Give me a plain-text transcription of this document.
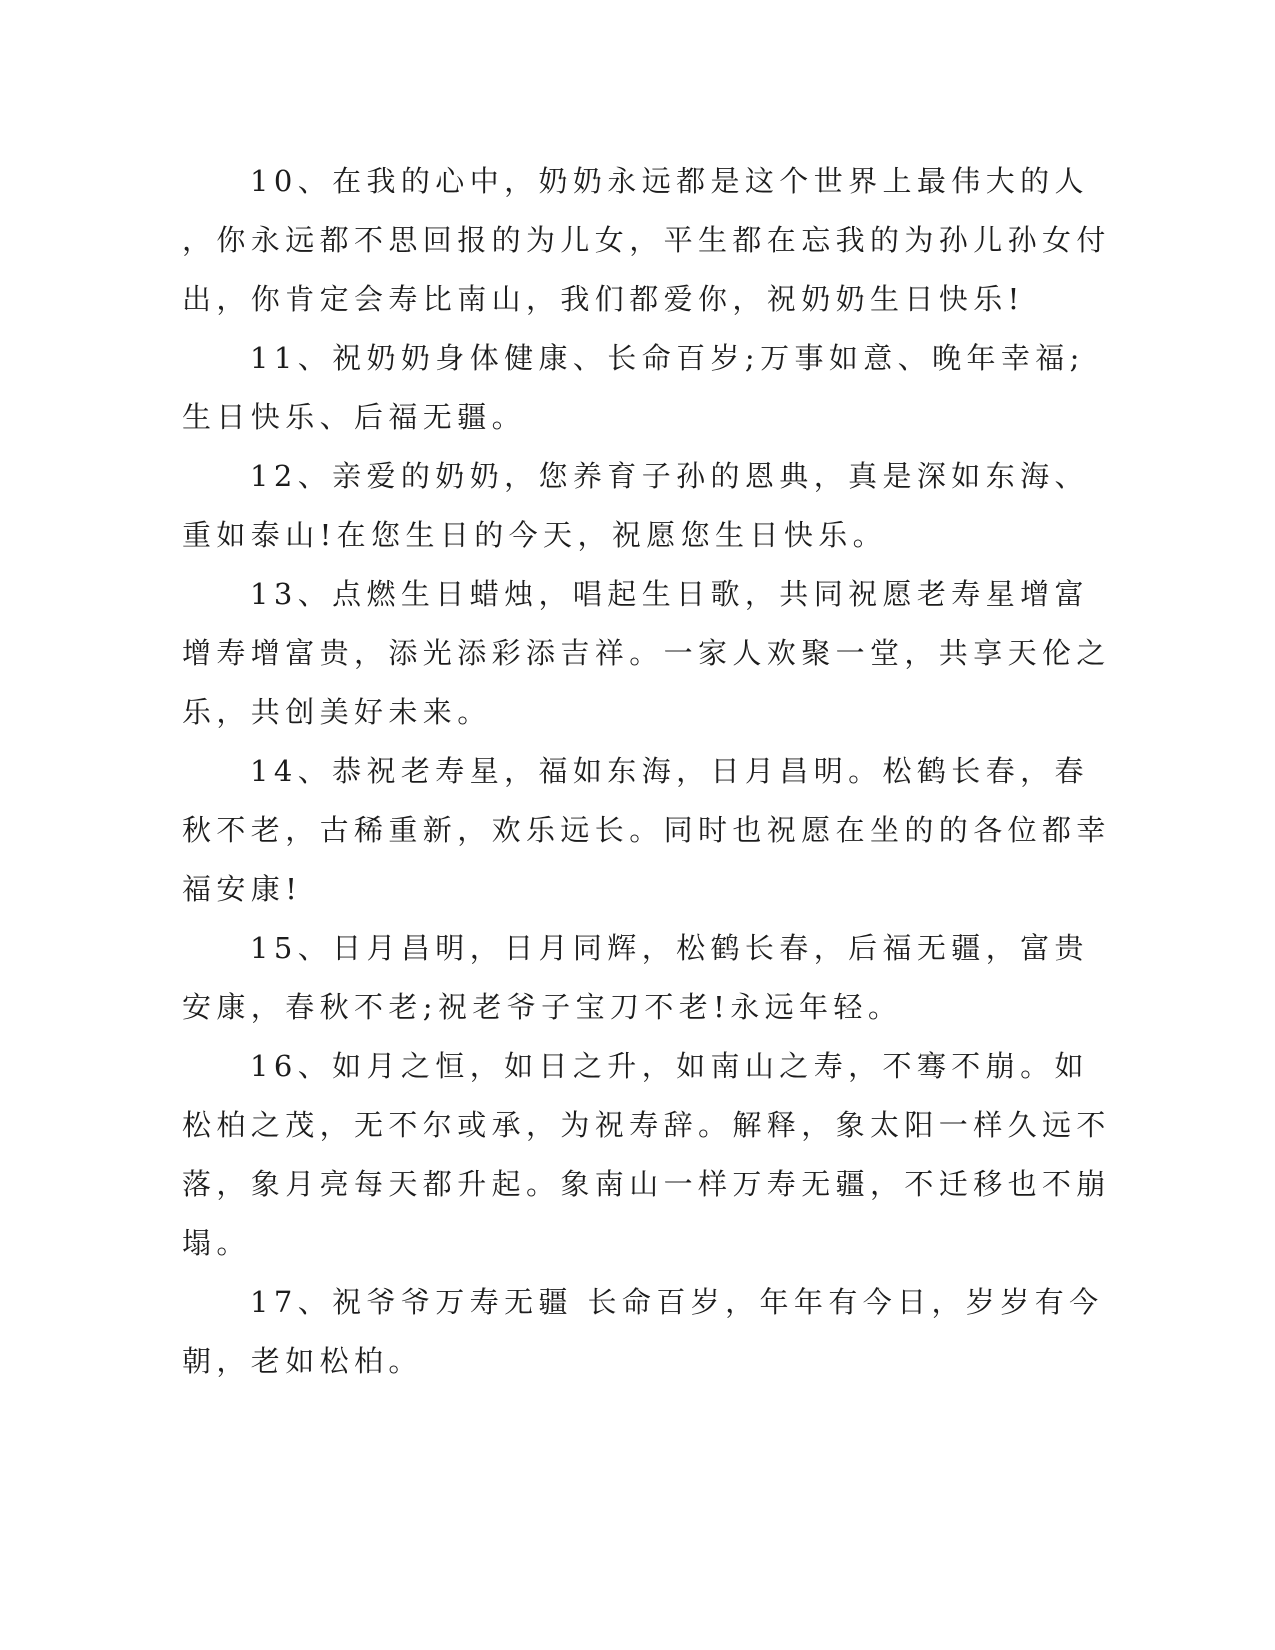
10、在我的心中，奶奶永远都是这个世界上最伟大的人
，你永远都不思回报的为儿女，平生都在忘我的为孙儿孙女付
出，你肯定会寿比南山，我们都爱你，祝奶奶生日快乐!
11、祝奶奶身体健康、长命百岁;万事如意、晚年幸福;
生日快乐、后福无疆。
12、亲爱的奶奶，您养育子孙的恩典，真是深如东海、
重如泰山!在您生日的今天，祝愿您生日快乐。
13、点燃生日蜡烛，唱起生日歌，共同祝愿老寿星增富
增寿增富贵，添光添彩添吉祥。一家人欢聚一堂，共享天伦之
乐，共创美好未来。
14、恭祝老寿星，福如东海，日月昌明。松鹤长春，春
秋不老，古稀重新，欢乐远长。同时也祝愿在坐的的各位都幸
福安康!
15、日月昌明，日月同辉，松鹤长春，后福无疆，富贵
安康，春秋不老;祝老爷子宝刀不老!永远年轻。
16、如月之恒，如日之升，如南山之寿，不骞不崩。如
松柏之茂，无不尔或承，为祝寿辞。解释，象太阳一样久远不
落，象月亮每天都升起。象南山一样万寿无疆，不迁移也不崩
塌。
17、祝爷爷万寿无疆 长命百岁，年年有今日，岁岁有今
朝，老如松柏。
